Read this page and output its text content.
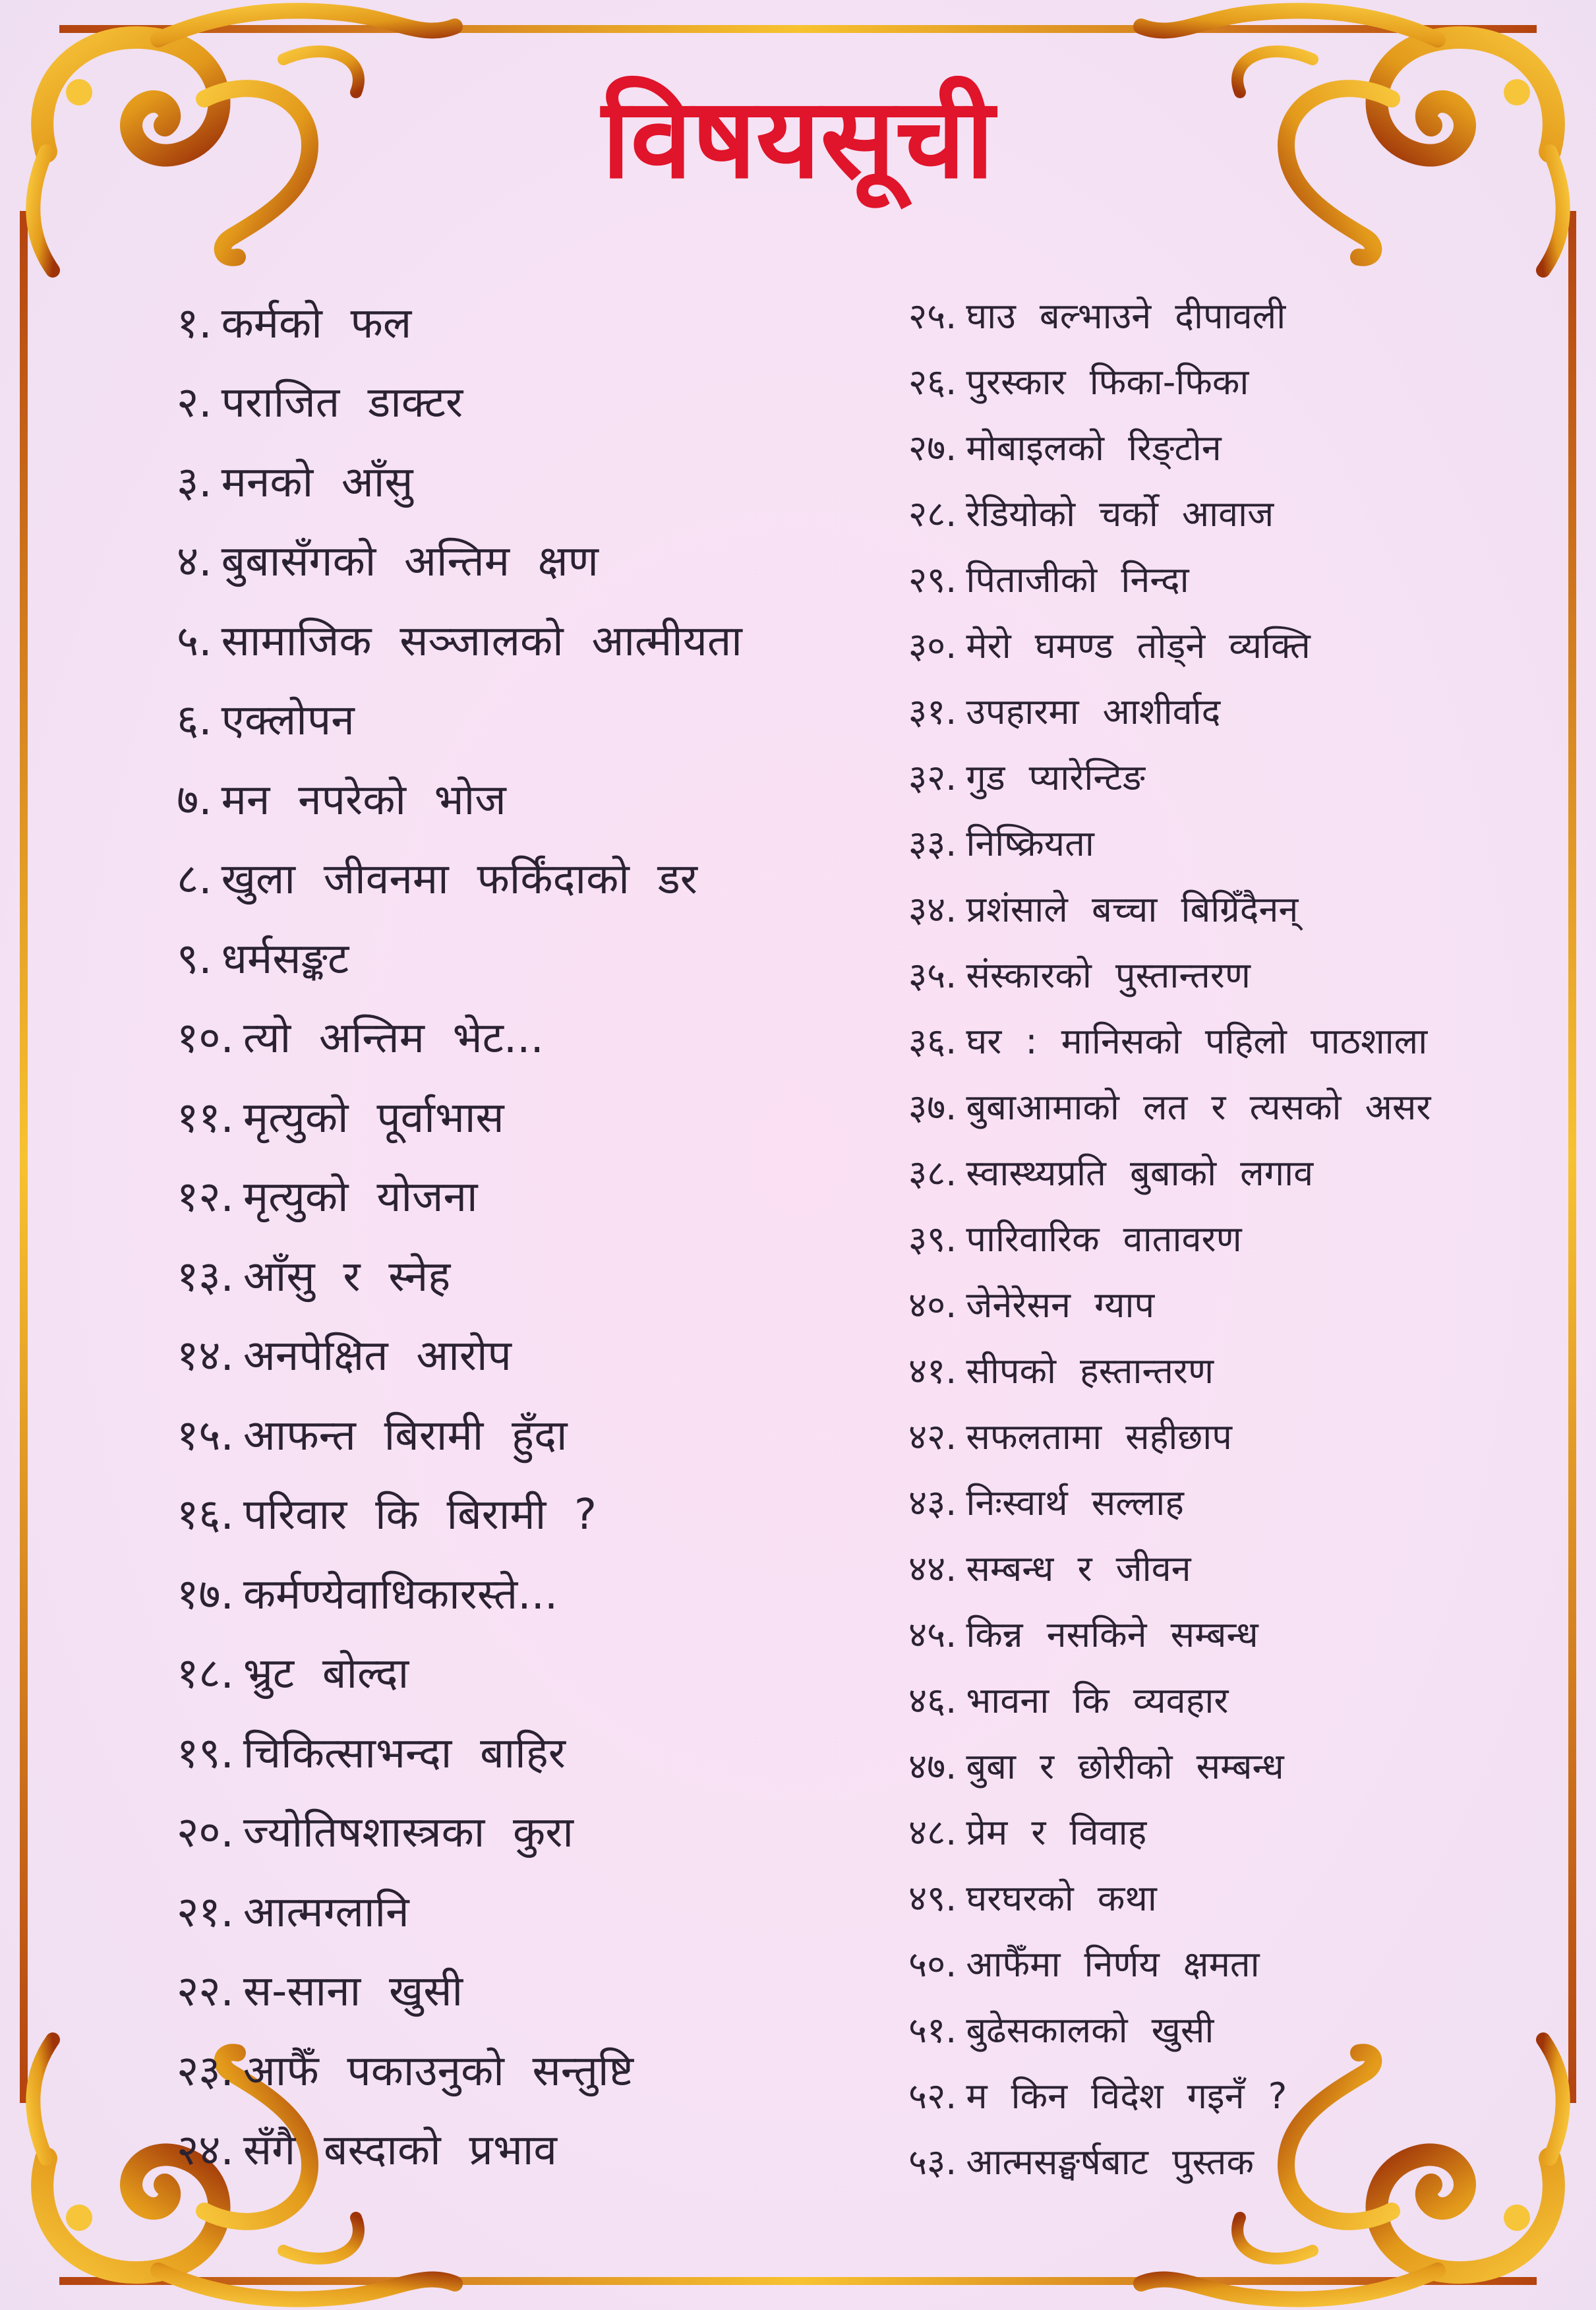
विषयसूची
१. कर्मको फल
२. पराजित डाक्टर
३. मनको आँसु
४. बुबासँगको अन्तिम क्षण
५. सामाजिक सञ्जालको आत्मीयता
६. एक्लोपन
७. मन नपरेको भोज
८. खुला जीवनमा फर्किंदाको डर
९. धर्मसङ्कट
१०. त्यो अन्तिम भेट...
११. मृत्युको पूर्वाभास
१२. मृत्युको योजना
१३. आँसु र स्नेह
१४. अनपेक्षित आरोप
१५. आफन्त बिरामी हुँदा
१६. परिवार कि बिरामी ?
१७. कर्मण्येवाधिकारस्ते...
१८. भ्रुट बोल्दा
१९. चिकित्साभन्दा बाहिर
२०. ज्योतिषशास्त्रका कुरा
२१. आत्मग्लानि
२२. स-साना खुसी
२३. आफैँ पकाउनुको सन्तुष्टि
२४. सँगै बस्दाको प्रभाव
२५. घाउ बल्भाउने दीपावली
२६. पुरस्कार फिका-फिका
२७. मोबाइलको रिङ्टोन
२८. रेडियोको चर्को आवाज
२९. पिताजीको निन्दा
३०. मेरो घमण्ड तोड्ने व्यक्ति
३१. उपहारमा आशीर्वाद
३२. गुड प्यारेन्टिङ
३३. निष्क्रियता
३४. प्रशंसाले बच्चा बिग्रिँदैनन्
३५. संस्कारको पुस्तान्तरण
३६. घर : मानिसको पहिलो पाठशाला
३७. बुबाआमाको लत र त्यसको असर
३८. स्वास्थ्यप्रति बुबाको लगाव
३९. पारिवारिक वातावरण
४०. जेनेरेसन ग्याप
४१. सीपको हस्तान्तरण
४२. सफलतामा सहीछाप
४३. निःस्वार्थ सल्लाह
४४. सम्बन्ध र जीवन
४५. किन्न नसकिने सम्बन्ध
४६. भावना कि व्यवहार
४७. बुबा र छोरीको सम्बन्ध
४८. प्रेम र विवाह
४९. घरघरको कथा
५०. आफैँमा निर्णय क्षमता
५१. बुढेसकालको खुसी
५२. म किन विदेश गइनँ ?
५३. आत्मसङ्घर्षबाट पुस्तक
